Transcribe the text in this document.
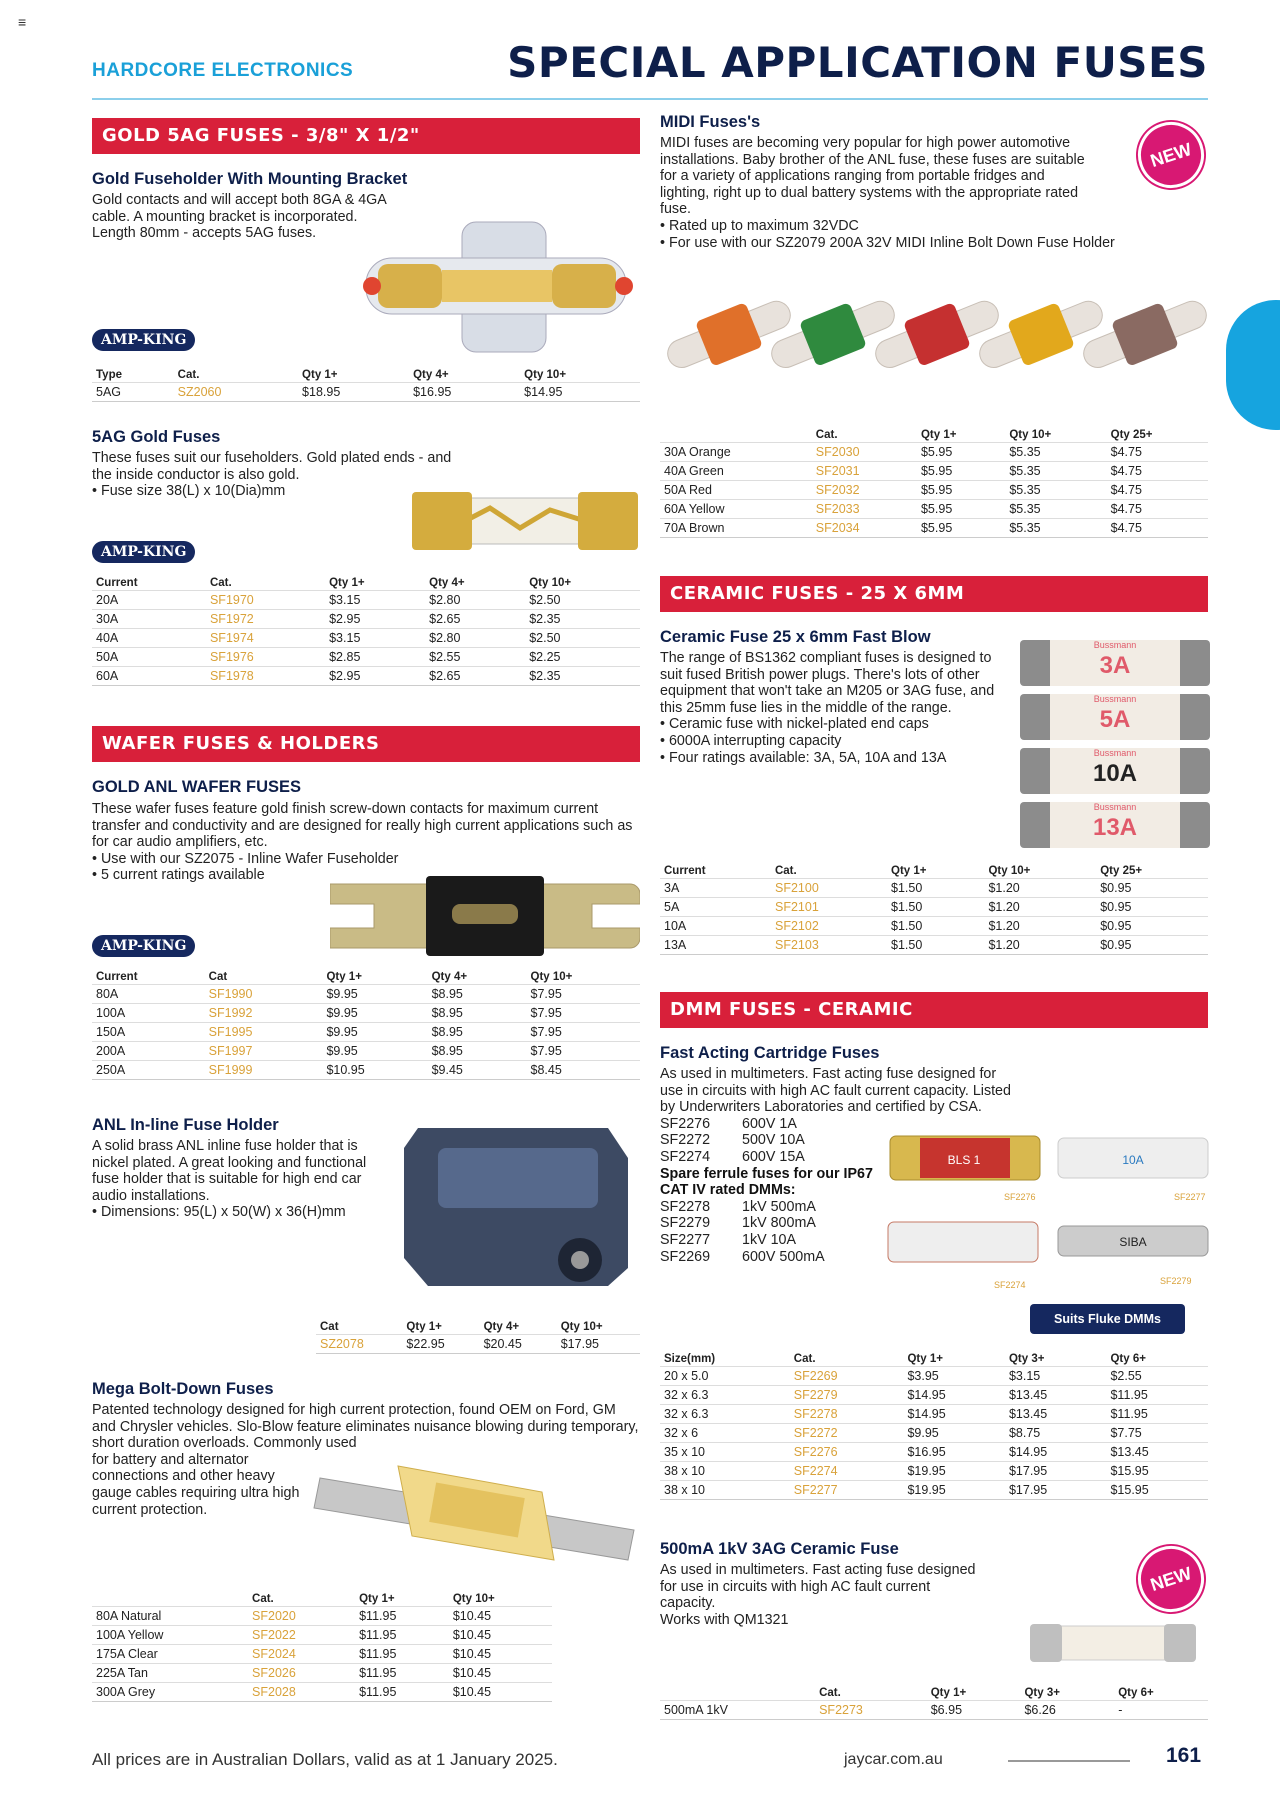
≡
HARDCORE ELECTRONICS	SPECIAL APPLICATION FUSES
GOLD 5AG FUSES - 3/8" X 1/2"
Gold Fuseholder With Mounting Bracket
Gold contacts and will accept both 8GA & 4GA cable. A mounting bracket is incorporated.
Length 80mm - accepts 5AG fuses.
AMP-KING
Type	Cat.	Qty 1+	Qty 4+	Qty 10+
5AG	SZ2060	$18.95	$16.95	$14.95
5AG Gold Fuses
These fuses suit our fuseholders. Gold plated ends - and the inside conductor is also gold.
• Fuse size 38(L) x 10(Dia)mm
AMP-KING
Current	Cat.	Qty 1+	Qty 4+	Qty 10+
20A	SF1970	$3.15	$2.80	$2.50
30A	SF1972	$2.95	$2.65	$2.35
40A	SF1974	$3.15	$2.80	$2.50
50A	SF1976	$2.85	$2.55	$2.25
60A	SF1978	$2.95	$2.65	$2.35
WAFER FUSES & HOLDERS
GOLD ANL WAFER FUSES
These wafer fuses feature gold finish screw-down contacts for maximum current transfer and conductivity and are designed for really high current applications such as for car audio amplifiers, etc.
• Use with our SZ2075 - Inline Wafer Fuseholder
• 5 current ratings available
AMP-KING
Current	Cat	Qty 1+	Qty 4+	Qty 10+
80A	SF1990	$9.95	$8.95	$7.95
100A	SF1992	$9.95	$8.95	$7.95
150A	SF1995	$9.95	$8.95	$7.95
200A	SF1997	$9.95	$8.95	$7.95
250A	SF1999	$10.95	$9.45	$8.45
ANL In-line Fuse Holder
A solid brass ANL inline fuse holder that is nickel plated. A great looking and functional fuse holder that is suitable for high end car audio installations.
• Dimensions: 95(L) x 50(W) x 36(H)mm
Cat	Qty 1+	Qty 4+	Qty 10+
SZ2078	$22.95	$20.45	$17.95
Mega Bolt-Down Fuses
Patented technology designed for high current protection, found OEM on Ford, GM and Chrysler vehicles. Slo-Blow feature eliminates nuisance blowing during temporary, short duration overloads. Commonly used
for battery and alternator connections and other heavy gauge cables requiring ultra high current protection.
	Cat.	Qty 1+	Qty 10+
80A Natural	SF2020	$11.95	$10.45
100A Yellow	SF2022	$11.95	$10.45
175A Clear	SF2024	$11.95	$10.45
225A Tan	SF2026	$11.95	$10.45
300A Grey	SF2028	$11.95	$10.45
MIDI Fuses's
MIDI fuses are becoming very popular for high power automotive installations. Baby brother of the ANL fuse, these fuses are suitable for a variety of applications ranging from portable fridges and lighting, right up to dual battery systems with the appropriate rated fuse.
• Rated up to maximum 32VDC
• For use with our SZ2079 200A 32V MIDI Inline Bolt Down Fuse Holder
NEW
	Cat.	Qty 1+	Qty 10+	Qty 25+
30A Orange	SF2030	$5.95	$5.35	$4.75
40A Green	SF2031	$5.95	$5.35	$4.75
50A Red	SF2032	$5.95	$5.35	$4.75
60A Yellow	SF2033	$5.95	$5.35	$4.75
70A Brown	SF2034	$5.95	$5.35	$4.75
CERAMIC FUSES - 25 X 6MM
Ceramic Fuse 25 x 6mm Fast Blow
The range of BS1362 compliant fuses is designed to suit fused British power plugs. There's lots of other equipment that won't take an M205 or 3AG fuse, and this 25mm fuse lies in the middle of the range.
• Ceramic fuse with nickel-plated end caps
• 6000A interrupting capacity
• Four ratings available: 3A, 5A, 10A and 13A
Bussmann
3A
Bussmann
5A
Bussmann
10A
Bussmann
13A
Current	Cat.	Qty 1+	Qty 10+	Qty 25+
3A	SF2100	$1.50	$1.20	$0.95
5A	SF2101	$1.50	$1.20	$0.95
10A	SF2102	$1.50	$1.20	$0.95
13A	SF2103	$1.50	$1.20	$0.95
DMM FUSES - CERAMIC
Fast Acting Cartridge Fuses
As used in multimeters. Fast acting fuse designed for use in circuits with high AC fault current capacity. Listed by Underwriters Laboratories and certified by CSA.
SF2276	600V 1A
SF2272	500V 10A
SF2274	600V 15A
Spare ferrule fuses for our IP67 CAT IV rated DMMs:
SF2278	1kV 500mA
SF2279	1kV 800mA
SF2277	1kV 10A
SF2269	600V 500mA
BLS 1	10A
SF2276	SF2277
SIBA
SF2274	SF2279
Suits Fluke DMMs
Size(mm)	Cat.	Qty 1+	Qty 3+	Qty 6+
20 x 5.0	SF2269	$3.95	$3.15	$2.55
32 x 6.3	SF2279	$14.95	$13.45	$11.95
32 x 6.3	SF2278	$14.95	$13.45	$11.95
32 x 6	SF2272	$9.95	$8.75	$7.75
35 x 10	SF2276	$16.95	$14.95	$13.45
38 x 10	SF2274	$19.95	$17.95	$15.95
38 x 10	SF2277	$19.95	$17.95	$15.95
500mA 1kV 3AG Ceramic Fuse
As used in multimeters. Fast acting fuse designed for use in circuits with high AC fault current capacity.
Works with QM1321
NEW
	Cat.	Qty 1+	Qty 3+	Qty 6+
500mA 1kV	SF2273	$6.95	$6.26	-
All prices are in Australian Dollars, valid as at 1 January 2025.	jaycar.com.au	161
